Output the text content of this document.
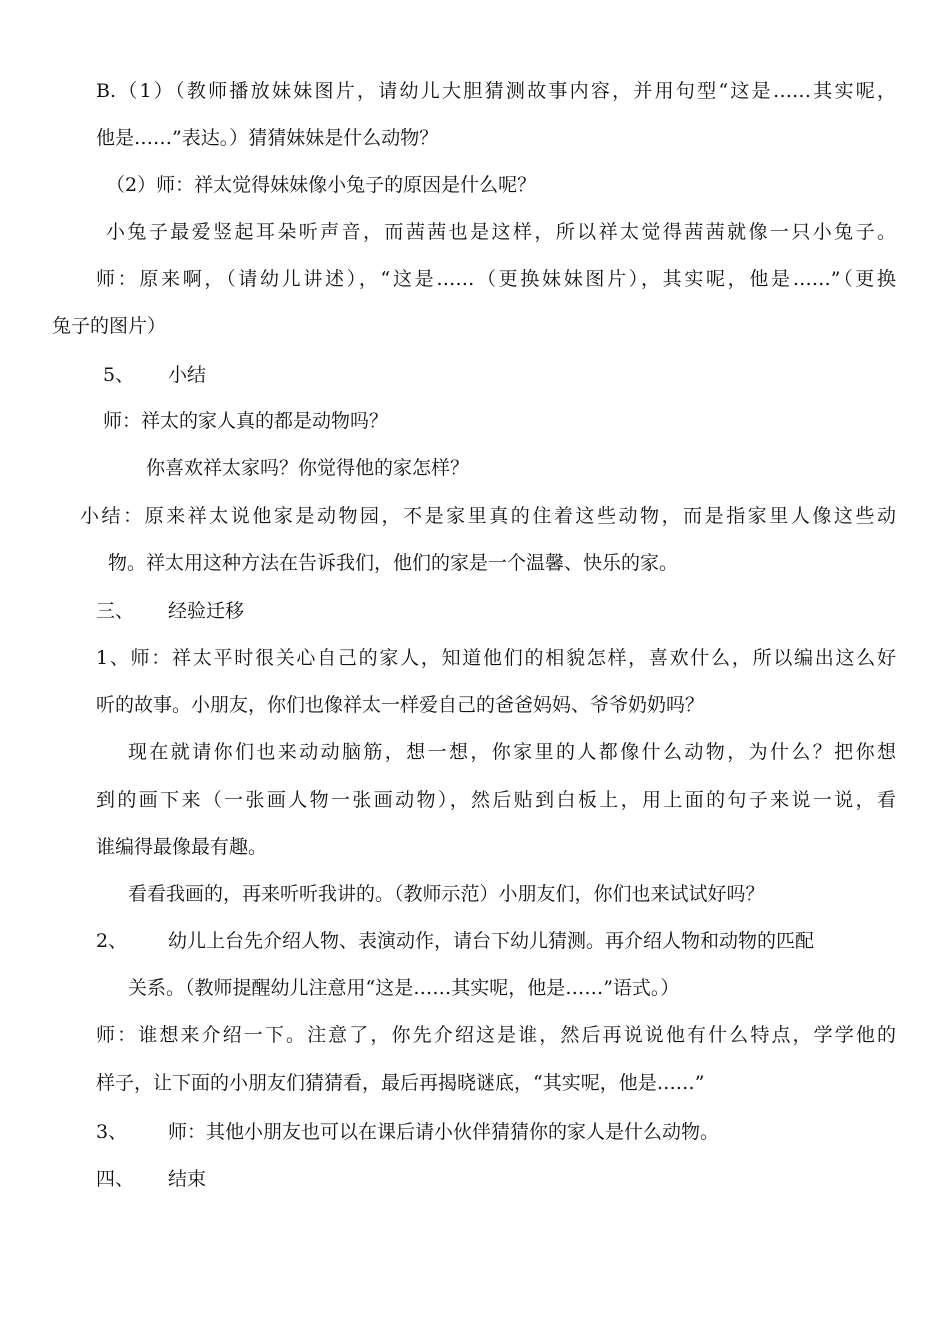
B.（1）（教师播放妹妹图片，请幼儿大胆猜测故事内容，并用句型“这是……其实呢，

他是……”表达。）猜猜妹妹是什么动物？

（2）师：祥太觉得妹妹像小兔子的原因是什么呢？

小兔子最爱竖起耳朵听声音，而茜茜也是这样，所以祥太觉得茜茜就像一只小兔子。

师：原来啊，（请幼儿讲述），“这是……（更换妹妹图片），其实呢，他是……”（更换

兔子的图片）

5、 小结

师：祥太的家人真的都是动物吗？

你喜欢祥太家吗？你觉得他的家怎样？

小结：原来祥太说他家是动物园，不是家里真的住着这些动物，而是指家里人像这些动

物。祥太用这种方法在告诉我们，他们的家是一个温馨、快乐的家。

三、 经验迁移

1、师：祥太平时很关心自己的家人，知道他们的相貌怎样，喜欢什么，所以编出这么好

听的故事。小朋友，你们也像祥太一样爱自己的爸爸妈妈、爷爷奶奶吗？

现在就请你们也来动动脑筋，想一想，你家里的人都像什么动物，为什么？把你想

到的画下来（一张画人物一张画动物），然后贴到白板上，用上面的句子来说一说，看

谁编得最像最有趣。

看看我画的，再来听听我讲的。（教师示范）小朋友们，你们也来试试好吗？

2、 幼儿上台先介绍人物、表演动作，请台下幼儿猜测。再介绍人物和动物的匹配

关系。（教师提醒幼儿注意用“这是……其实呢，他是……”语式。）

师：谁想来介绍一下。注意了，你先介绍这是谁，然后再说说他有什么特点，学学他的

样子，让下面的小朋友们猜猜看，最后再揭晓谜底，“其实呢，他是……”

3、 师：其他小朋友也可以在课后请小伙伴猜猜你的家人是什么动物。

四、 结束
